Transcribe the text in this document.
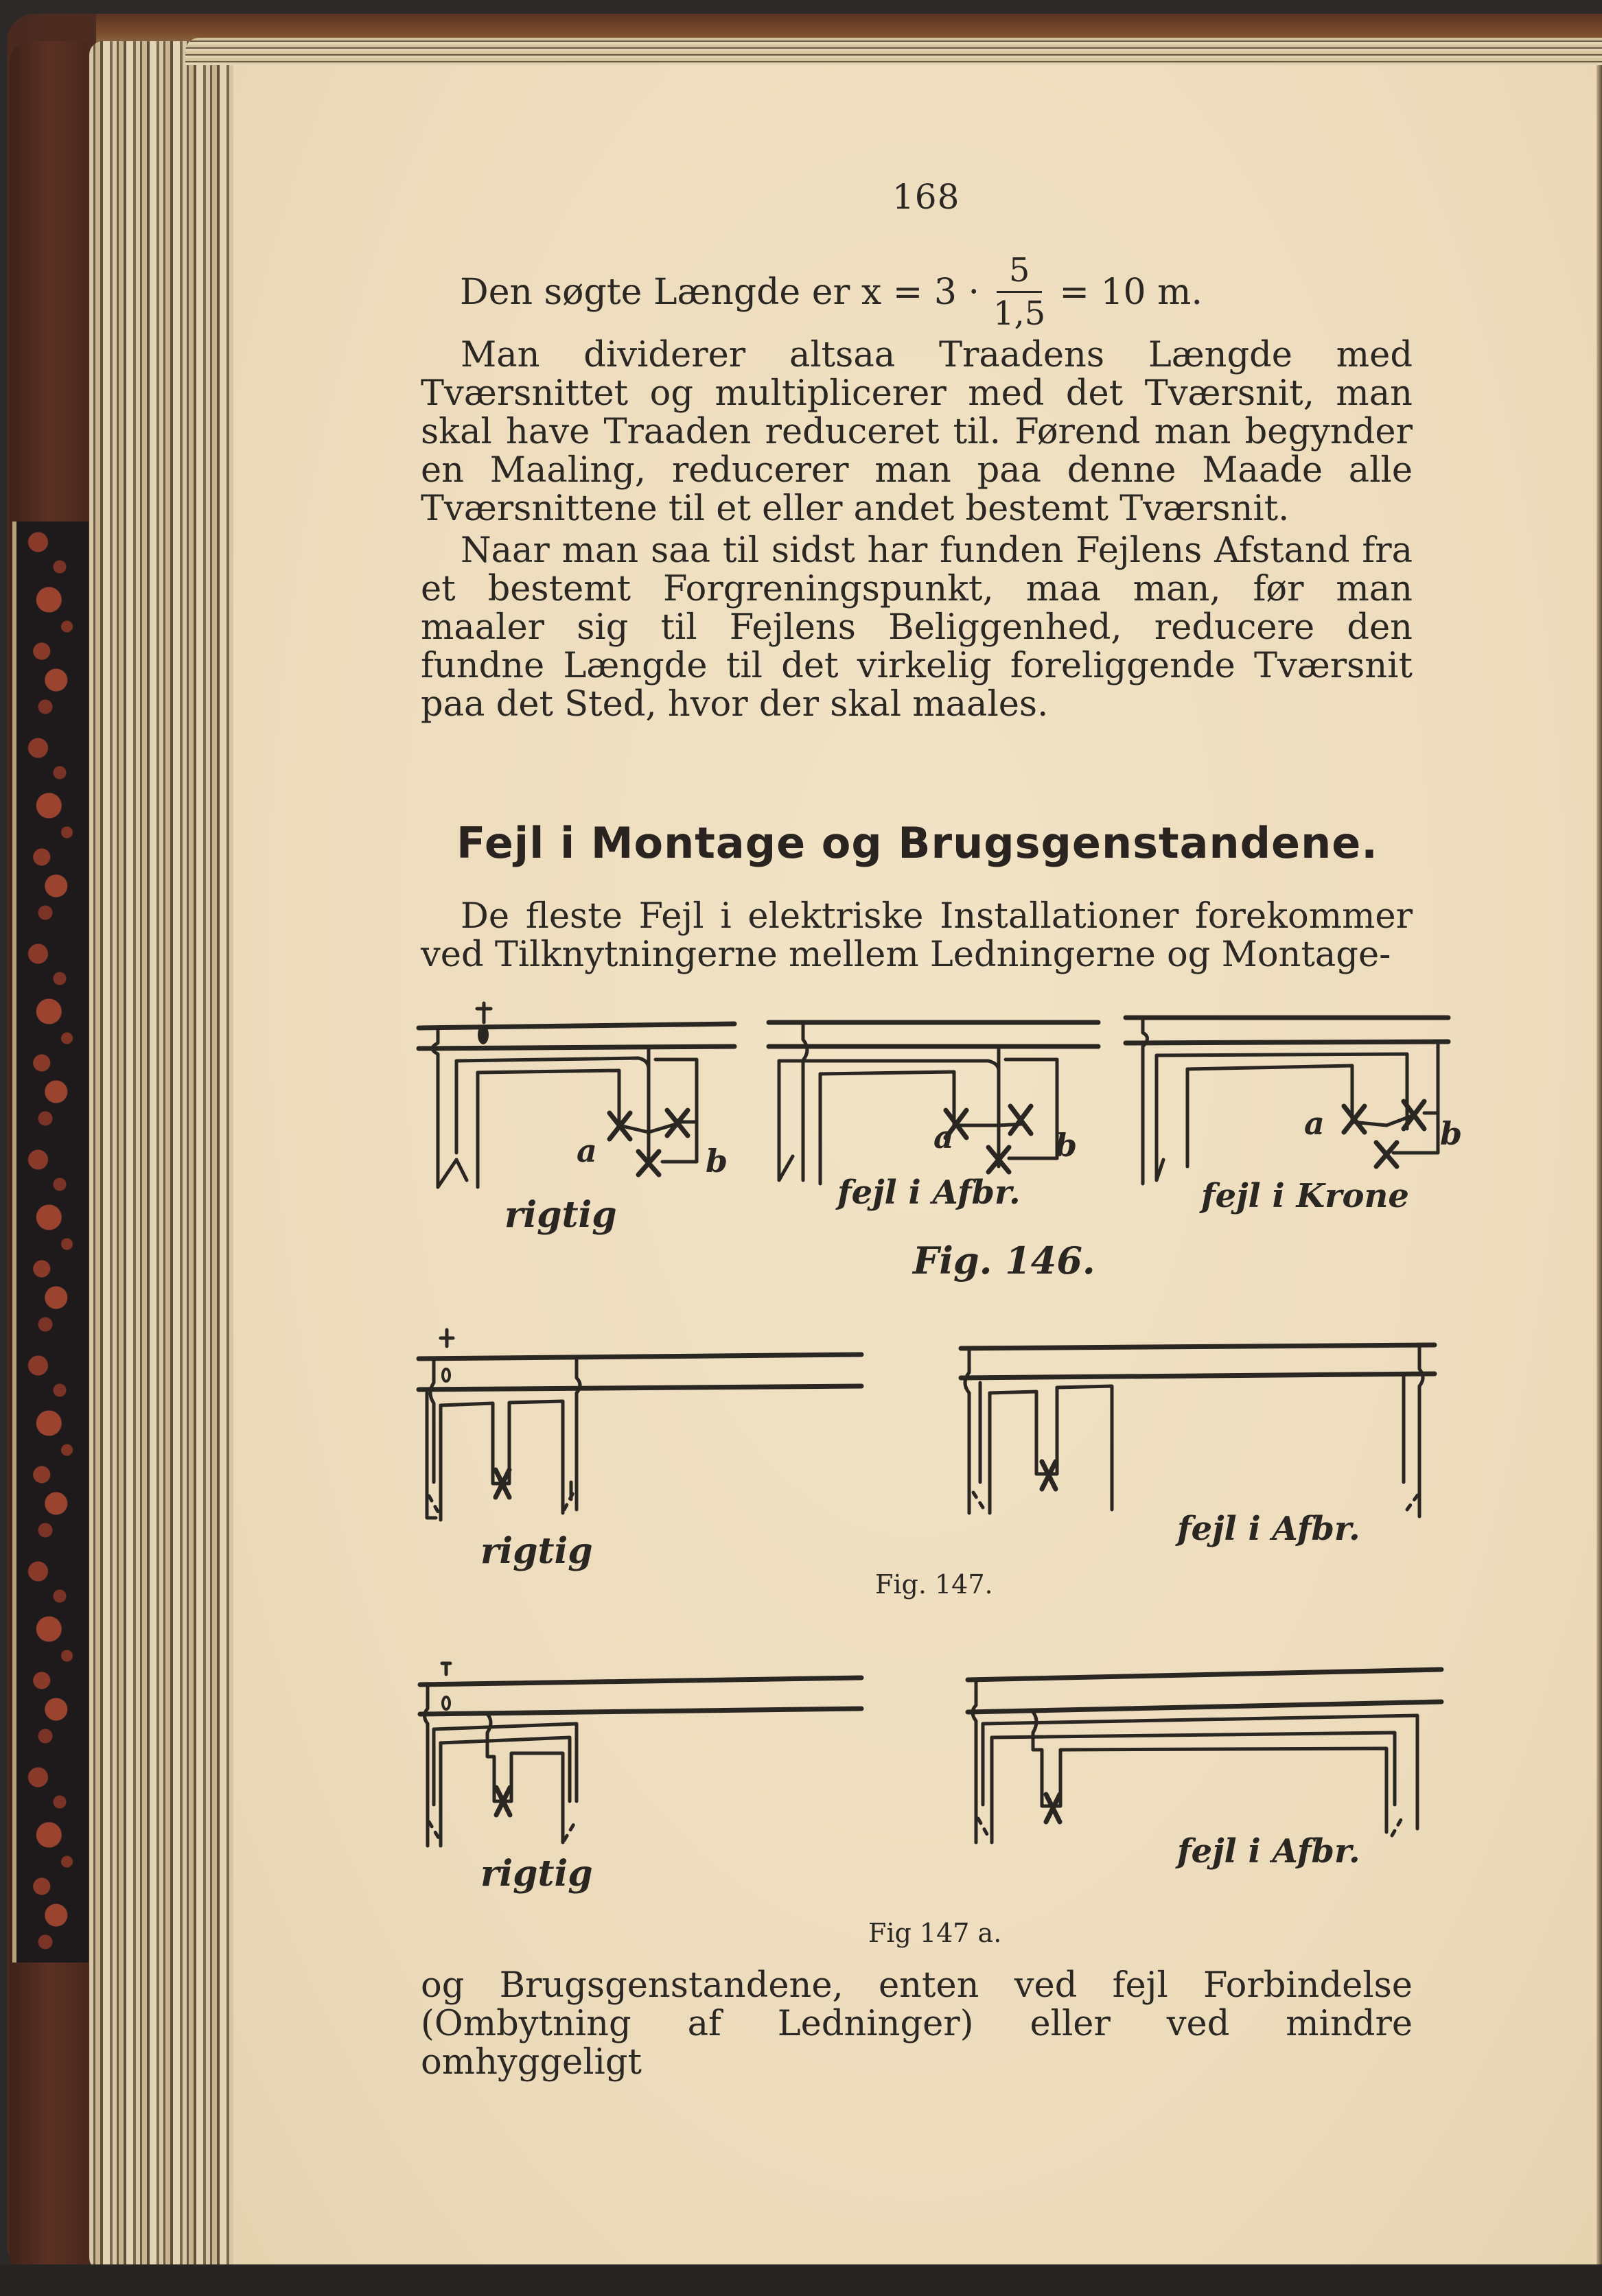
168
Den søgte Længde er $x = 3 \cdot \frac{5}{1,5} = 10$ m.
Man dividerer altsaa Traadens Længde med Tværsnittet og multiplicerer med det Tværsnit, man skal have Traaden reduceret til. Førend man begynder en Maaling, reducerer man paa denne Maade alle Tværsnittene til et eller andet bestemt Tværsnit.
Naar man saa til sidst har funden Fejlens Afstand fra et bestemt Forgreningspunkt, maa man, før man maaler sig til Fejlens Beliggenhed, reducere den fundne Længde til det virkelig foreliggende Tværsnit paa det Sted, hvor der skal maales.
Fejl i Montage og Brugsgenstandene.
De fleste Fejl i elektriske Installationer forekommer ved Tilknytningerne mellem Ledningerne og Montage-
a	b
rigtig
a	b
fejl i Afbr.
a	b
fejl i Krone
Fig. 146.
rigtig
fejl i Afbr.
Fig. 147.
rigtig
fejl i Afbr.
Fig 147 a.
og Brugsgenstandene, enten ved fejl Forbindelse (Ombytning af Ledninger) eller ved mindre omhyggeligt
